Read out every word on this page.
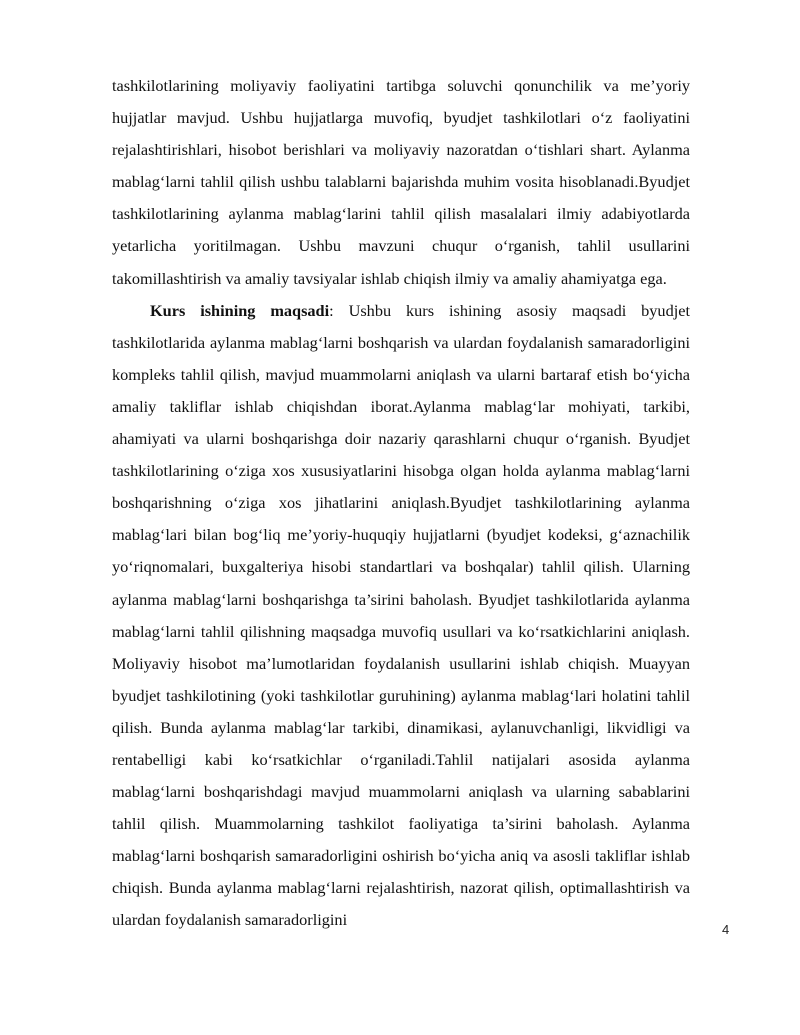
tashkilotlarining moliyaviy faoliyatini tartibga soluvchi qonunchilik va me’yoriy hujjatlar mavjud. Ushbu hujjatlarga muvofiq, byudjet tashkilotlari o‘z faoliyatini rejalashtirishlari, hisobot berishlari va moliyaviy nazoratdan o‘tishlari shart. Aylanma mablag‘larni tahlil qilish ushbu talablarni bajarishda muhim vosita hisoblanadi.Byudjet tashkilotlarining aylanma mablag‘larini tahlil qilish masalalari ilmiy adabiyotlarda yetarlicha yoritilmagan. Ushbu mavzuni chuqur o‘rganish, tahlil usullarini takomillashtirish va amaliy tavsiyalar ishlab chiqish ilmiy va amaliy ahamiyatga ega.

Kurs ishining maqsadi: Ushbu kurs ishining asosiy maqsadi byudjet tashkilotlarida aylanma mablag‘larni boshqarish va ulardan foydalanish samaradorligini kompleks tahlil qilish, mavjud muammolarni aniqlash va ularni bartaraf etish bo‘yicha amaliy takliflar ishlab chiqishdan iborat.Aylanma mablag‘lar mohiyati, tarkibi, ahamiyati va ularni boshqarishga doir nazariy qarashlarni chuqur o‘rganish. Byudjet tashkilotlarining o‘ziga xos xususiyatlarini hisobga olgan holda aylanma mablag‘larni boshqarishning o‘ziga xos jihatlarini aniqlash.Byudjet tashkilotlarining aylanma mablag‘lari bilan bog‘liq me’yoriy-huquqiy hujjatlarni (byudjet kodeksi, g‘aznachilik yo‘riqnomalari, buxgalteriya hisobi standartlari va boshqalar) tahlil qilish. Ularning aylanma mablag‘larni boshqarishga ta’sirini baholash. Byudjet tashkilotlarida aylanma mablag‘larni tahlil qilishning maqsadga muvofiq usullari va ko‘rsatkichlarini aniqlash. Moliyaviy hisobot ma’lumotlaridan foydalanish usullarini ishlab chiqish. Muayyan byudjet tashkilotining (yoki tashkilotlar guruhining) aylanma mablag‘lari holatini tahlil qilish. Bunda aylanma mablag‘lar tarkibi, dinamikasi, aylanuvchanligi, likvidligi va rentabelligi kabi ko‘rsatkichlar o‘rganiladi.Tahlil natijalari asosida aylanma mablag‘larni boshqarishdagi mavjud muammolarni aniqlash va ularning sabablarini tahlil qilish. Muammolarning tashkilot faoliyatiga ta’sirini baholash. Aylanma mablag‘larni boshqarish samaradorligini oshirish bo‘yicha aniq va asosli takliflar ishlab chiqish. Bunda aylanma mablag‘larni rejalashtirish, nazorat qilish, optimallashtirish va ulardan foydalanish samaradorligini

4
